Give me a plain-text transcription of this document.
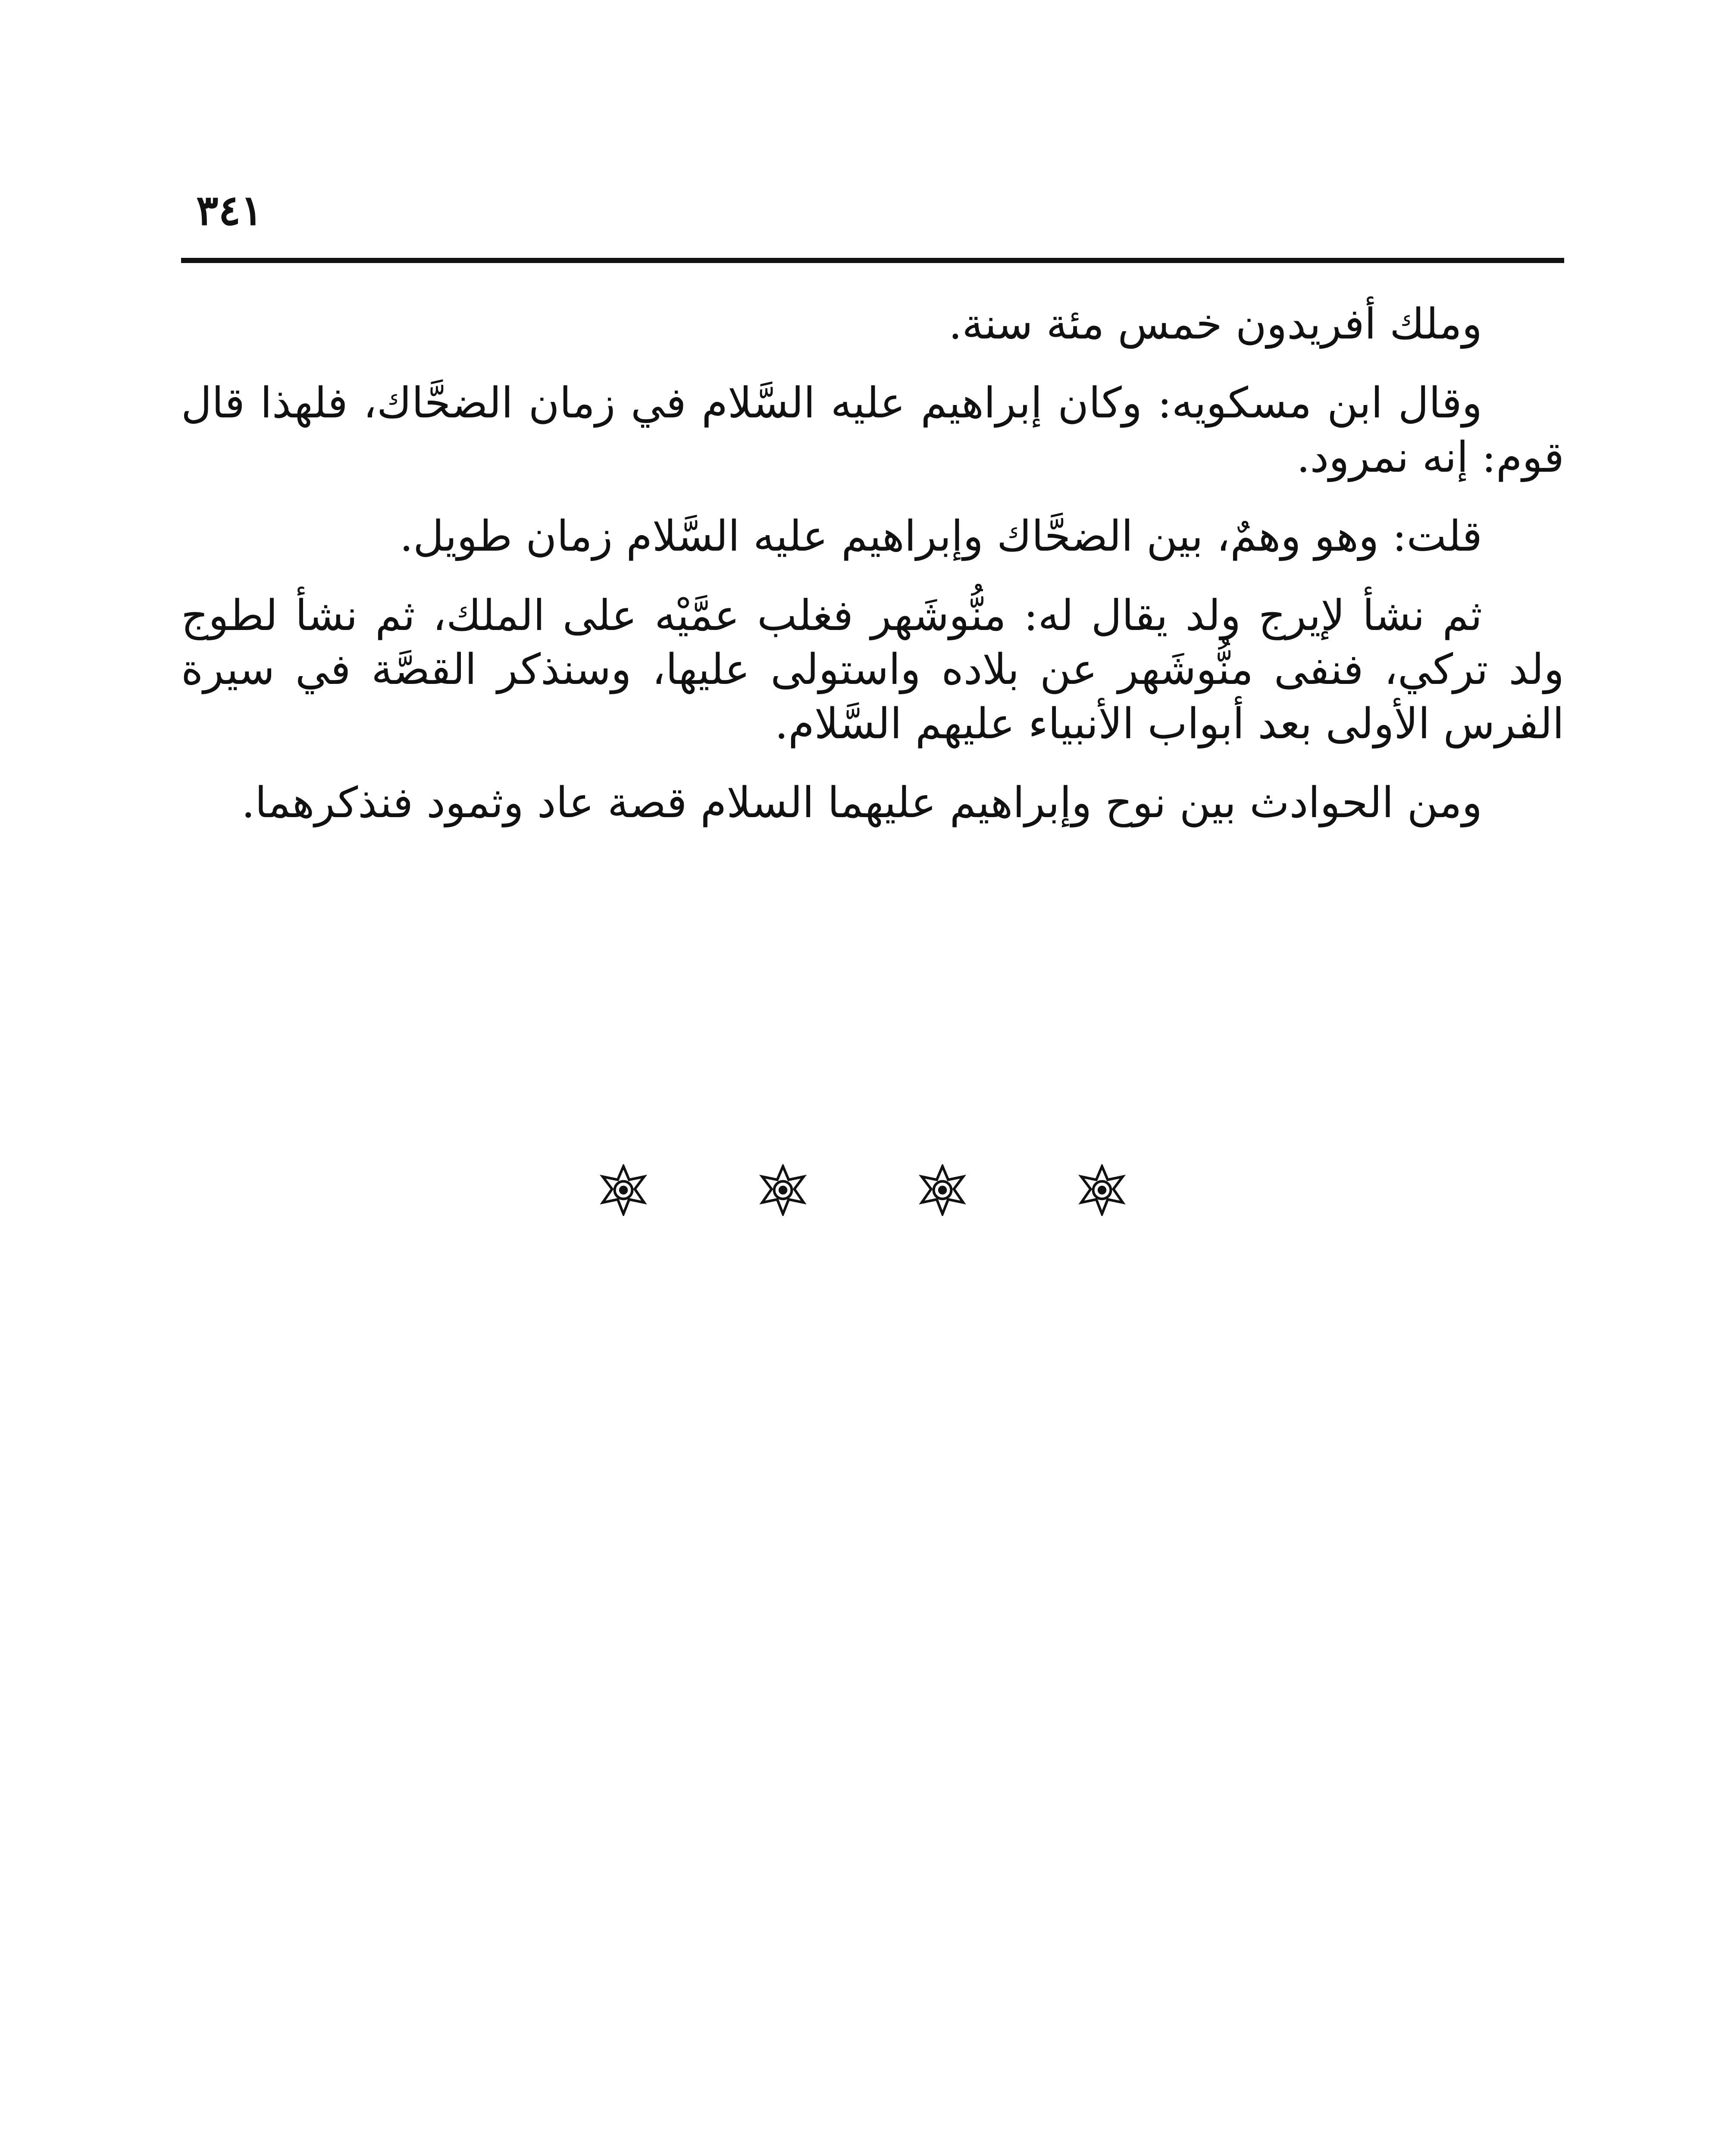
٣٤١

وملك أفريدون خمس مئة سنة.

وقال ابن مسكويه: وكان إبراهيم عليه السَّلام في زمان الضحَّاك، فلهذا قال قوم: إنه نمرود.

قلت: وهو وهمٌ، بين الضحَّاك وإبراهيم عليه السَّلام زمان طويل.

ثم نشأ لإيرج ولد يقال له: منُّوشَهر فغلب عمَّيْه على الملك، ثم نشأ لطوج ولد تركي، فنفى منُّوشَهر عن بلاده واستولى عليها، وسنذكر القصَّة في سيرة الفرس الأولى بعد أبواب الأنبياء عليهم السَّلام.

ومن الحوادث بين نوح وإبراهيم عليهما السلام قصة عاد وثمود فنذكرهما.
